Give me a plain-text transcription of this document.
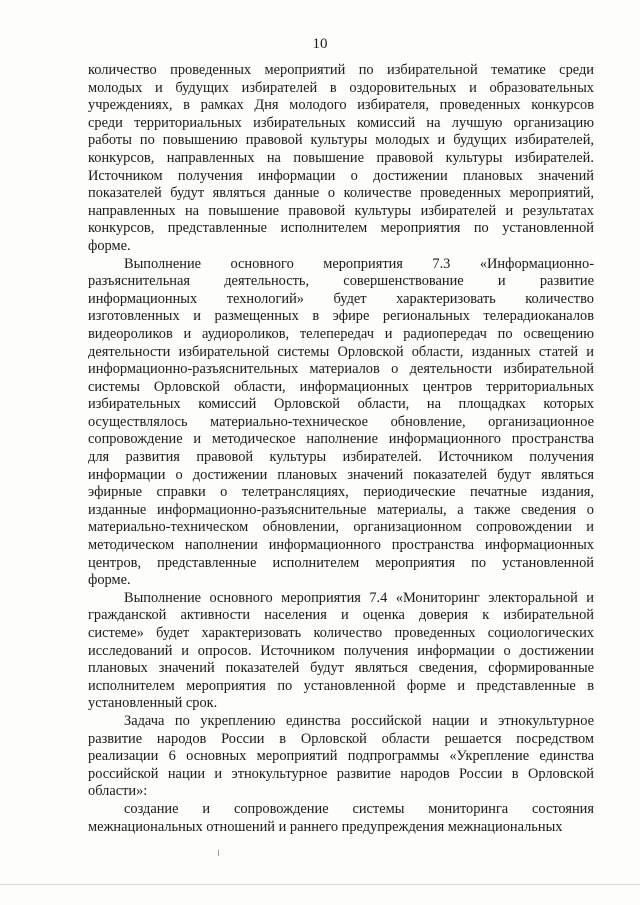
10
количество проведенных мероприятий по избирательной тематике среди
молодых и будущих избирателей в оздоровительных и образовательных
учреждениях, в рамках Дня молодого избирателя, проведенных конкурсов
среди территориальных избирательных комиссий на лучшую организацию
работы по повышению правовой культуры молодых и будущих избирателей,
конкурсов, направленных на повышение правовой культуры избирателей.
Источником получения информации о достижении плановых значений
показателей будут являться данные о количестве проведенных мероприятий,
направленных на повышение правовой культуры избирателей и результатах
конкурсов, представленные исполнителем мероприятия по установленной
форме.
Выполнение основного мероприятия 7.3 «Информационно-
разъяснительная деятельность, совершенствование и развитие
информационных технологий» будет характеризовать количество
изготовленных и размещенных в эфире региональных телерадиоканалов
видеороликов и аудиороликов, телепередач и радиопередач по освещению
деятельности избирательной системы Орловской области, изданных статей и
информационно-разъяснительных материалов о деятельности избирательной
системы Орловской области, информационных центров территориальных
избирательных комиссий Орловской области, на площадках которых
осуществлялось материально-техническое обновление, организационное
сопровождение и методическое наполнение информационного пространства
для развития правовой культуры избирателей. Источником получения
информации о достижении плановых значений показателей будут являться
эфирные справки о телетрансляциях, периодические печатные издания,
изданные информационно-разъяснительные материалы, а также сведения о
материально-техническом обновлении, организационном сопровождении и
методическом наполнении информационного пространства информационных
центров, представленные исполнителем мероприятия по установленной
форме.
Выполнение основного мероприятия 7.4 «Мониторинг электоральной и
гражданской активности населения и оценка доверия к избирательной
системе» будет характеризовать количество проведенных социологических
исследований и опросов. Источником получения информации о достижении
плановых значений показателей будут являться сведения, сформированные
исполнителем мероприятия по установленной форме и представленные в
установленный срок.
Задача по укреплению единства российской нации и этнокультурное
развитие народов России в Орловской области решается посредством
реализации 6 основных мероприятий подпрограммы «Укрепление единства
российской нации и этнокультурное развитие народов России в Орловской
области»:
создание и сопровождение системы мониторинга состояния
межнациональных отношений и раннего предупреждения межнациональных
